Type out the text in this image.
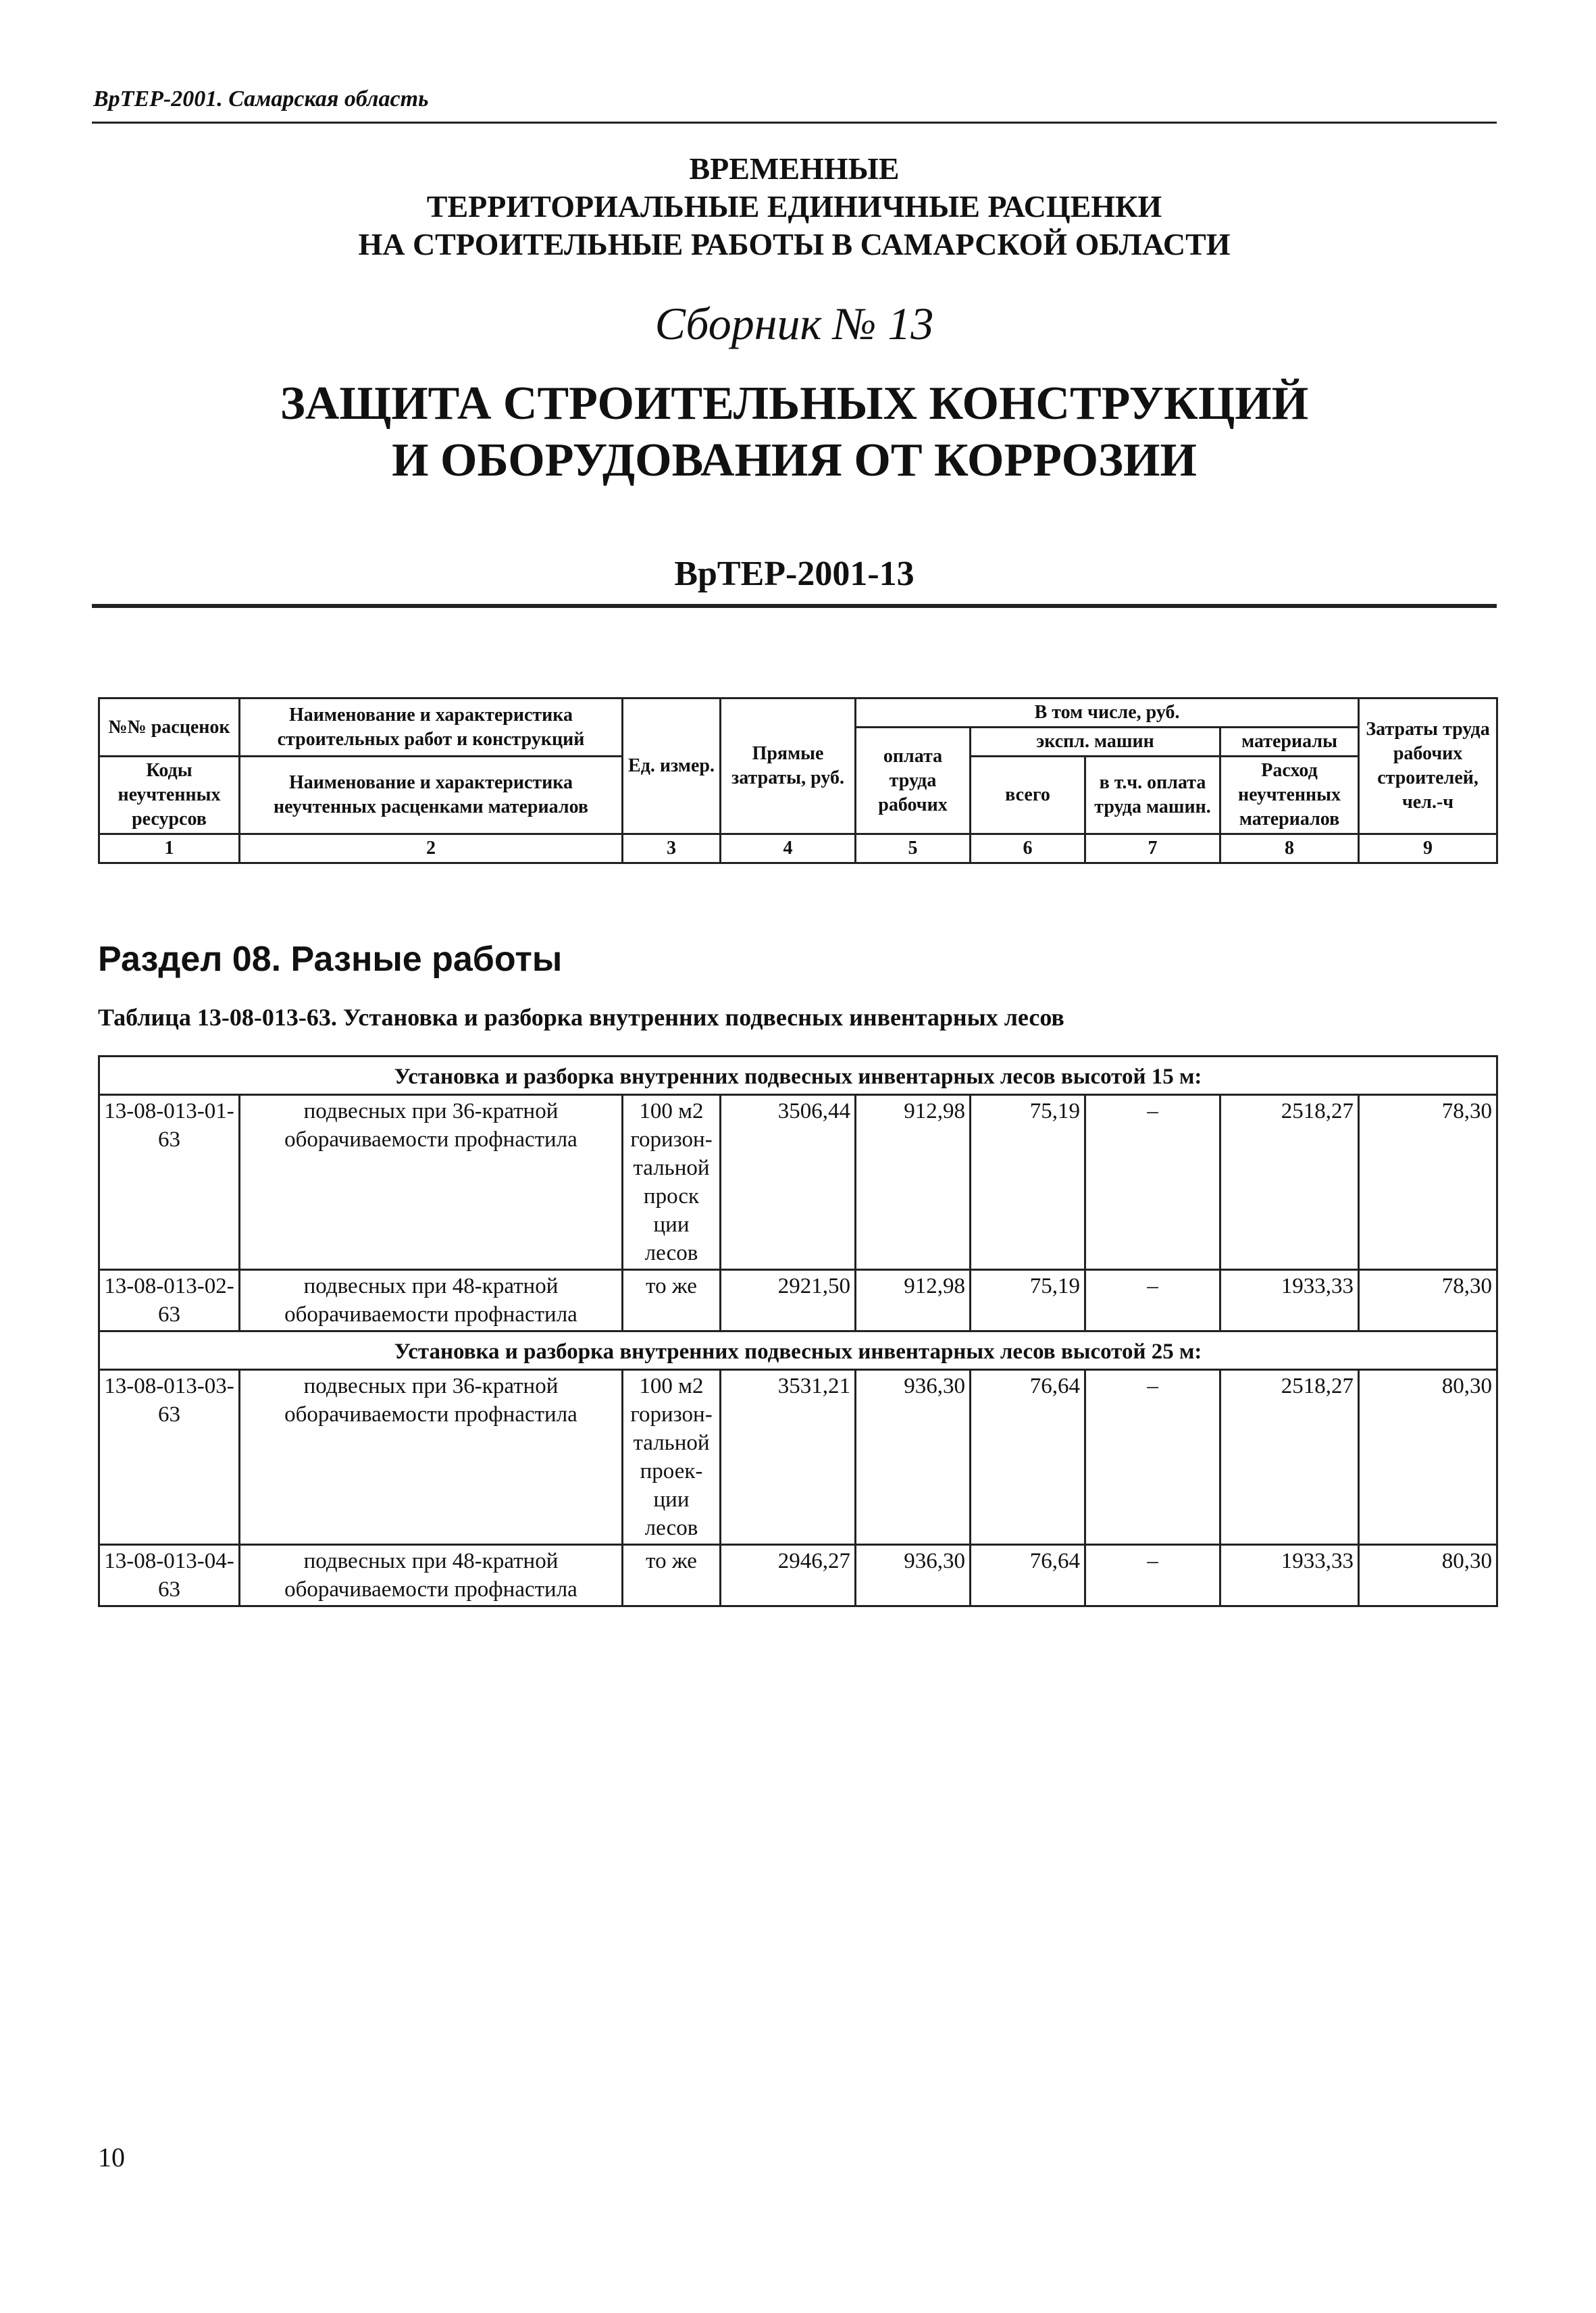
ВрТЕР-2001. Самарская область
ВРЕМЕННЫЕ
ТЕРРИТОРИАЛЬНЫЕ ЕДИНИЧНЫЕ РАСЦЕНКИ
НА СТРОИТЕЛЬНЫЕ РАБОТЫ В САМАРСКОЙ ОБЛАСТИ
Сборник № 13
ЗАЩИТА СТРОИТЕЛЬНЫХ КОНСТРУКЦИЙ
И ОБОРУДОВАНИЯ ОТ КОРРОЗИИ
ВрТЕР-2001-13
№№ расценок	Наименование и характеристика строительных работ и конструкций	Ед. измер.	Прямые затраты, руб.	В том числе, руб.				Затраты труда рабочих строителей, чел.-ч
				оплата труда рабочих	экспл. машин		материалы	
Коды неучтенных ресурсов	Наименование и характеристика неучтенных расценками материалов				всего	в т.ч. оплата труда машин.	Расход неучтенных материалов	

1	2	3	4	5	6	7	8	9
Раздел 08. Разные работы
Таблица 13-08-013-63. Установка и разборка внутренних подвесных инвентарных лесов
Установка и разборка внутренних подвесных инвентарных лесов высотой 15 м:								
13-08-013-01-63	подвесных при 36-кратной оборачиваемости профнастила	100 м2 горизон-тальной проск ции лесов	3506,44	912,98	75,19	–	2518,27	78,30
13-08-013-02-63	подвесных при 48-кратной оборачиваемости профнастила	то же	2921,50	912,98	75,19	–	1933,33	78,30
Установка и разборка внутренних подвесных инвентарных лесов высотой 25 м:								
13-08-013-03-63	подвесных при 36-кратной оборачиваемости профнастила	100 м2 горизон-тальной проек-ции лесов	3531,21	936,30	76,64	–	2518,27	80,30
13-08-013-04-63	подвесных при 48-кратной оборачиваемости профнастила	то же	2946,27	936,30	76,64	–	1933,33	80,30
10
